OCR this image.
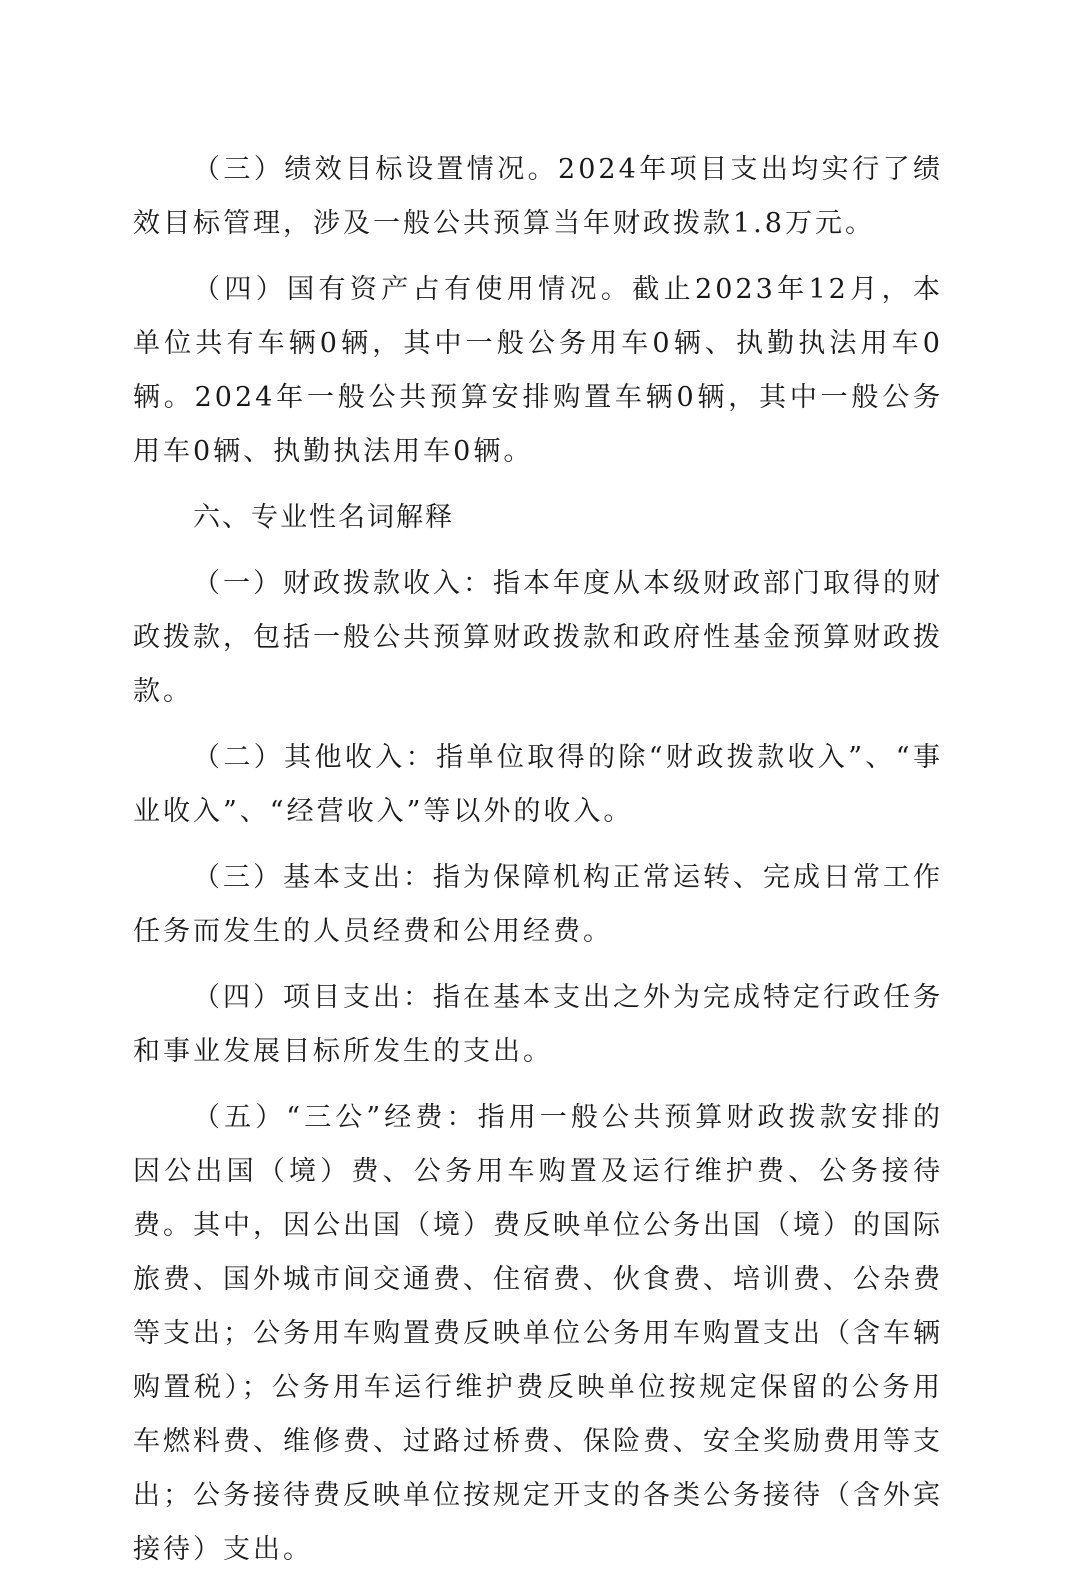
（三）绩效目标设置情况。2024年项目支出均实行了绩效目标管理，涉及一般公共预算当年财政拨款1.8万元。

（四）国有资产占有使用情况。截止2023年12月，本单位共有车辆0辆，其中一般公务用车0辆、执勤执法用车0辆。2024年一般公共预算安排购置车辆0辆，其中一般公务用车0辆、执勤执法用车0辆。

六、专业性名词解释

（一）财政拨款收入：指本年度从本级财政部门取得的财政拨款，包括一般公共预算财政拨款和政府性基金预算财政拨款。

（二）其他收入：指单位取得的除“财政拨款收入”、“事业收入”、“经营收入”等以外的收入。

（三）基本支出：指为保障机构正常运转、完成日常工作任务而发生的人员经费和公用经费。

（四）项目支出：指在基本支出之外为完成特定行政任务和事业发展目标所发生的支出。

（五）“三公”经费：指用一般公共预算财政拨款安排的因公出国（境）费、公务用车购置及运行维护费、公务接待费。其中，因公出国（境）费反映单位公务出国（境）的国际旅费、国外城市间交通费、住宿费、伙食费、培训费、公杂费等支出；公务用车购置费反映单位公务用车购置支出（含车辆购置税）；公务用车运行维护费反映单位按规定保留的公务用车燃料费、维修费、过路过桥费、保险费、安全奖励费用等支出；公务接待费反映单位按规定开支的各类公务接待（含外宾接待）支出。
